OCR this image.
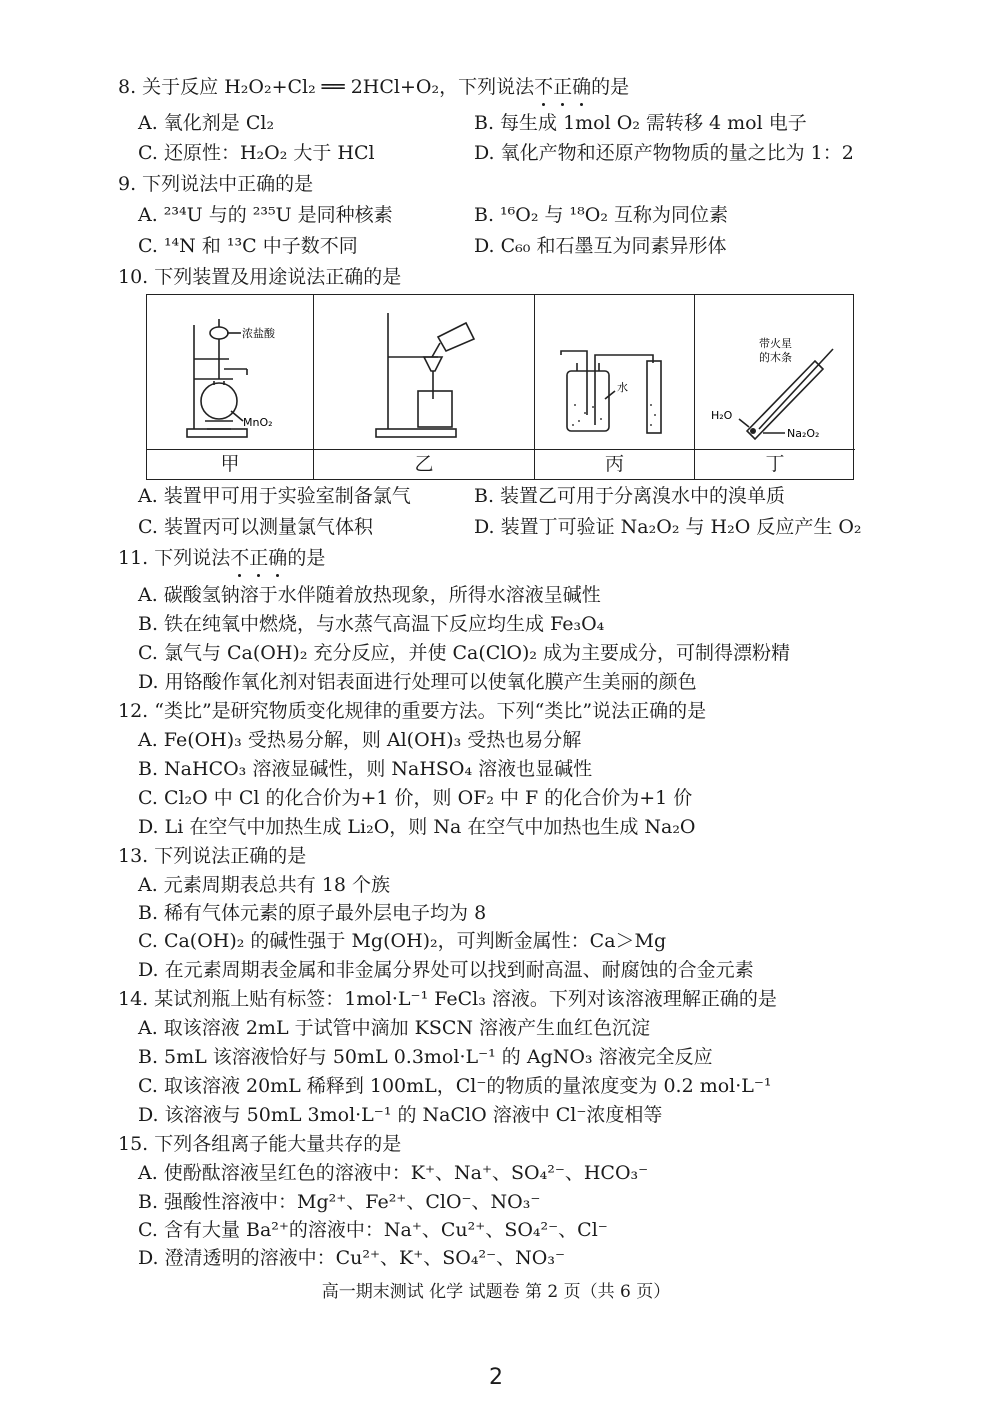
8. 关于反应 H₂O₂+Cl₂ ══ 2HCl+O₂，下列说法不正确的是
A. 氧化剂是 Cl₂	B. 每生成 1mol O₂ 需转移 4 mol 电子
C. 还原性：H₂O₂ 大于 HCl	D. 氧化产物和还原产物物质的量之比为 1：2
9. 下列说法中正确的是
A. ²³⁴U 与的 ²³⁵U 是同种核素	B. ¹⁶O₂ 与 ¹⁸O₂ 互称为同位素
C. ¹⁴N 和 ¹³C 中子数不同	D. C₆₀ 和石墨互为同素异形体
10. 下列装置及用途说法正确的是
浓盐酸
MnO₂
甲	乙
水
丙
带火星
的木条
H₂O
Na₂O₂
丁
A. 装置甲可用于实验室制备氯气	B. 装置乙可用于分离溴水中的溴单质
C. 装置丙可以测量氯气体积	D. 装置丁可验证 Na₂O₂ 与 H₂O 反应产生 O₂
11. 下列说法不正确的是
A. 碳酸氢钠溶于水伴随着放热现象，所得水溶液呈碱性
B. 铁在纯氧中燃烧，与水蒸气高温下反应均生成 Fe₃O₄
C. 氯气与 Ca(OH)₂ 充分反应，并使 Ca(ClO)₂ 成为主要成分，可制得漂粉精
D. 用铬酸作氧化剂对铝表面进行处理可以使氧化膜产生美丽的颜色
12. “类比”是研究物质变化规律的重要方法。下列“类比”说法正确的是
A. Fe(OH)₃ 受热易分解，则 Al(OH)₃ 受热也易分解
B. NaHCO₃ 溶液显碱性，则 NaHSO₄ 溶液也显碱性
C. Cl₂O 中 Cl 的化合价为+1 价，则 OF₂ 中 F 的化合价为+1 价
D. Li 在空气中加热生成 Li₂O，则 Na 在空气中加热也生成 Na₂O
13. 下列说法正确的是
A. 元素周期表总共有 18 个族
B. 稀有气体元素的原子最外层电子均为 8
C. Ca(OH)₂ 的碱性强于 Mg(OH)₂，可判断金属性：Ca＞Mg
D. 在元素周期表金属和非金属分界处可以找到耐高温、耐腐蚀的合金元素
14. 某试剂瓶上贴有标签：1mol·L⁻¹ FeCl₃ 溶液。下列对该溶液理解正确的是
A. 取该溶液 2mL 于试管中滴加 KSCN 溶液产生血红色沉淀
B. 5mL 该溶液恰好与 50mL 0.3mol·L⁻¹ 的 AgNO₃ 溶液完全反应
C. 取该溶液 20mL 稀释到 100mL，Cl⁻的物质的量浓度变为 0.2 mol·L⁻¹
D. 该溶液与 50mL 3mol·L⁻¹ 的 NaClO 溶液中 Cl⁻浓度相等
15. 下列各组离子能大量共存的是
A. 使酚酞溶液呈红色的溶液中：K⁺、Na⁺、SO₄²⁻、HCO₃⁻
B. 强酸性溶液中：Mg²⁺、Fe²⁺、ClO⁻、NO₃⁻
C. 含有大量 Ba²⁺的溶液中：Na⁺、Cu²⁺、SO₄²⁻、Cl⁻
D. 澄清透明的溶液中：Cu²⁺、K⁺、SO₄²⁻、NO₃⁻
高一期末测试 化学 试题卷 第 2 页（共 6 页）
2
